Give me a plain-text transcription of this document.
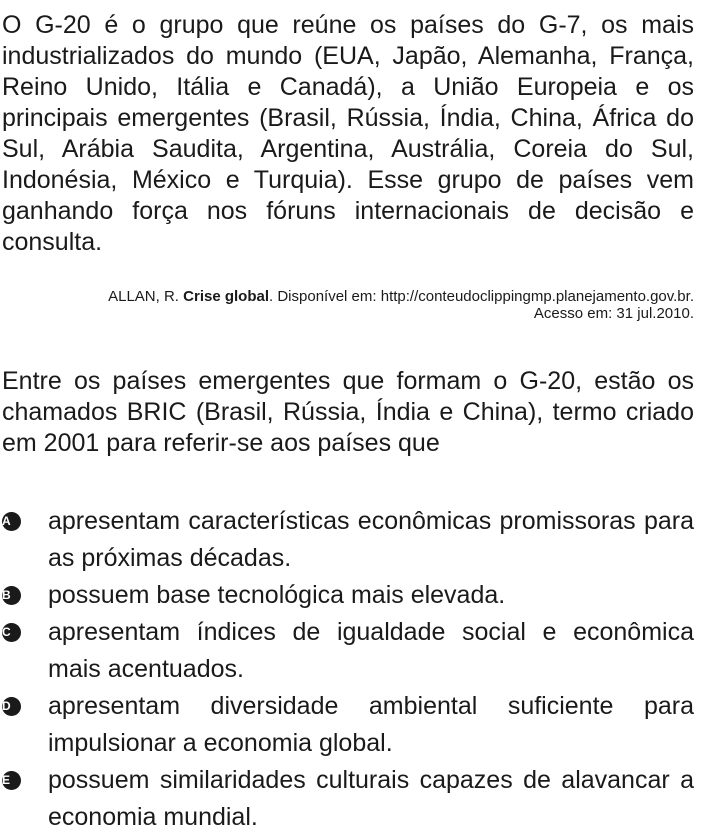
O G-20 é o grupo que reúne os países do G-7, os mais industrializados do mundo (EUA, Japão, Alemanha, França, Reino Unido, Itália e Canadá), a União Europeia e os principais emergentes (Brasil, Rússia, Índia, China, África do Sul, Arábia Saudita, Argentina, Austrália, Coreia do Sul, Indonésia, México e Turquia). Esse grupo de países vem ganhando força nos fóruns internacionais de decisão e consulta.

ALLAN, R. Crise global. Disponível em: http://conteudoclippingmp.planejamento.gov.br.
Acesso em: 31 jul.2010.

Entre os países emergentes que formam o G-20, estão os chamados BRIC (Brasil, Rússia, Índia e China), termo criado em 2001 para referir-se aos países que

A	apresentam características econômicas promissoras para as próximas décadas.
B	possuem base tecnológica mais elevada.
C	apresentam índices de igualdade social e econômica mais acentuados.
D	apresentam diversidade ambiental suficiente para impulsionar a economia global.
E	possuem similaridades culturais capazes de alavancar a economia mundial.
